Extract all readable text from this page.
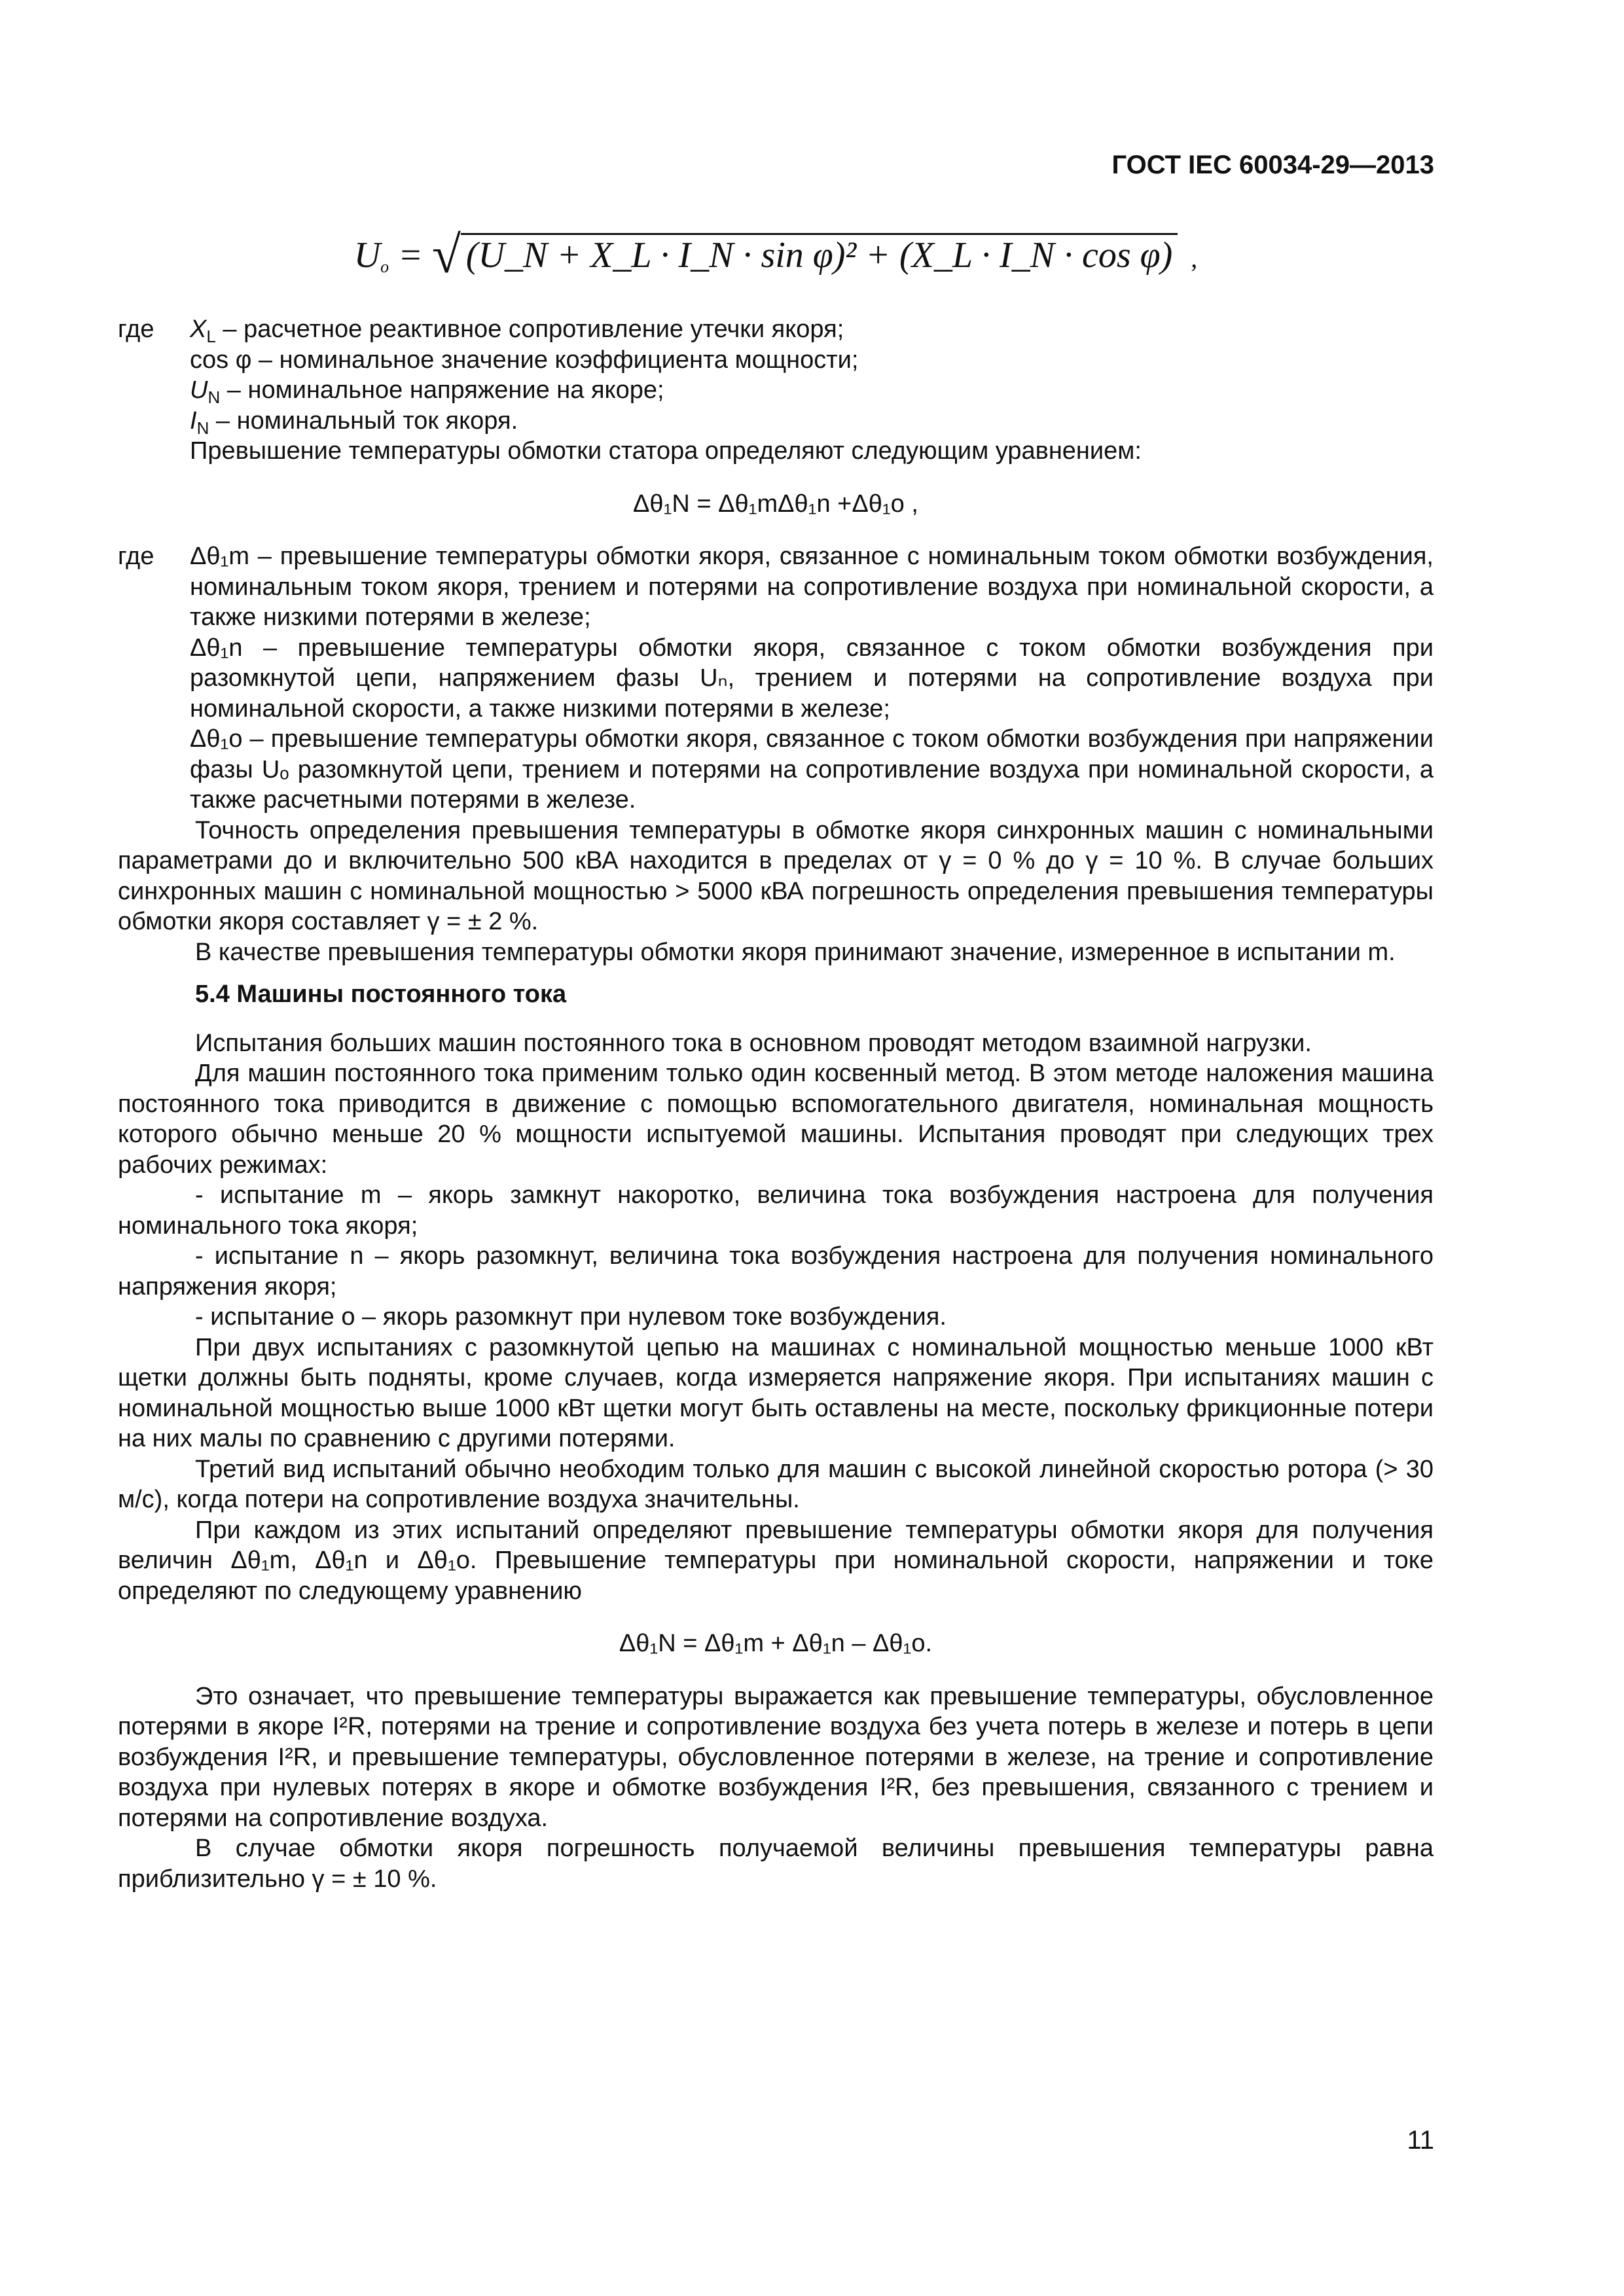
ГОСТ IEC 60034-29—2013
$U_o$ = √ (U_N + X_L · I_N · sin φ)² + (X_L · I_N · cos φ) ,
где	$X_L$ – расчетное реактивное сопротивление утечки якоря;
cos φ – номинальное значение коэффициента мощности;
$U_N$ – номинальное напряжение на якоре;
$I_N$ – номинальный ток якоря.
Превышение температуры обмотки статора определяют следующим уравнением:
Δθ₁N = Δθ₁mΔθ₁n +Δθ₁o ,
где	Δθ₁m – превышение температуры обмотки якоря, связанное с номинальным током обмотки возбуждения, номинальным током якоря, трением и потерями на сопротивление воздуха при номинальной скорости, а также низкими потерями в железе;

Δθ₁n – превышение температуры обмотки якоря, связанное с током обмотки возбуждения при разомкнутой цепи, напряжением фазы Uₙ, трением и потерями на сопротивление воздуха при номинальной скорости, а также низкими потерями в железе;

Δθ₁o – превышение температуры обмотки якоря, связанное с током обмотки возбуждения при напряжении фазы Uₒ разомкнутой цепи, трением и потерями на сопротивление воздуха при номинальной скорости, а также расчетными потерями в железе.

Точность определения превышения температуры в обмотке якоря синхронных машин с номинальными параметрами до и включительно 500 кВА находится в пределах от γ = 0 % до γ = 10 %. В случае больших синхронных машин с номинальной мощностью > 5000 кВА погрешность определения превышения температуры обмотки якоря составляет γ = ± 2 %.

В качестве превышения температуры обмотки якоря принимают значение, измеренное в испытании m.

5.4 Машины постоянного тока

Испытания больших машин постоянного тока в основном проводят методом взаимной нагрузки.

Для машин постоянного тока применим только один косвенный метод. В этом методе наложения машина постоянного тока приводится в движение с помощью вспомогательного двигателя, номинальная мощность которого обычно меньше 20 % мощности испытуемой машины. Испытания проводят при следующих трех рабочих режимах:

- испытание m – якорь замкнут накоротко, величина тока возбуждения настроена для получения номинального тока якоря;

- испытание n – якорь разомкнут, величина тока возбуждения настроена для получения номинального напряжения якоря;

- испытание o – якорь разомкнут при нулевом токе возбуждения.

При двух испытаниях с разомкнутой цепью на машинах с номинальной мощностью меньше 1000 кВт щетки должны быть подняты, кроме случаев, когда измеряется напряжение якоря. При испытаниях машин с номинальной мощностью выше 1000 кВт щетки могут быть оставлены на месте, поскольку фрикционные потери на них малы по сравнению с другими потерями.

Третий вид испытаний обычно необходим только для машин с высокой линейной скоростью ротора (> 30 м/с), когда потери на сопротивление воздуха значительны.

При каждом из этих испытаний определяют превышение температуры обмотки якоря для получения величин Δθ₁m, Δθ₁n и Δθ₁o. Превышение температуры при номинальной скорости, напряжении и токе определяют по следующему уравнению

Δθ₁N = Δθ₁m + Δθ₁n – Δθ₁o.

Это означает, что превышение температуры выражается как превышение температуры, обусловленное потерями в якоре I²R, потерями на трение и сопротивление воздуха без учета потерь в железе и потерь в цепи возбуждения I²R, и превышение температуры, обусловленное потерями в железе, на трение и сопротивление воздуха при нулевых потерях в якоре и обмотке возбуждения I²R, без превышения, связанного с трением и потерями на сопротивление воздуха.

В случае обмотки якоря погрешность получаемой величины превышения температуры равна приблизительно γ = ± 10 %.

11
